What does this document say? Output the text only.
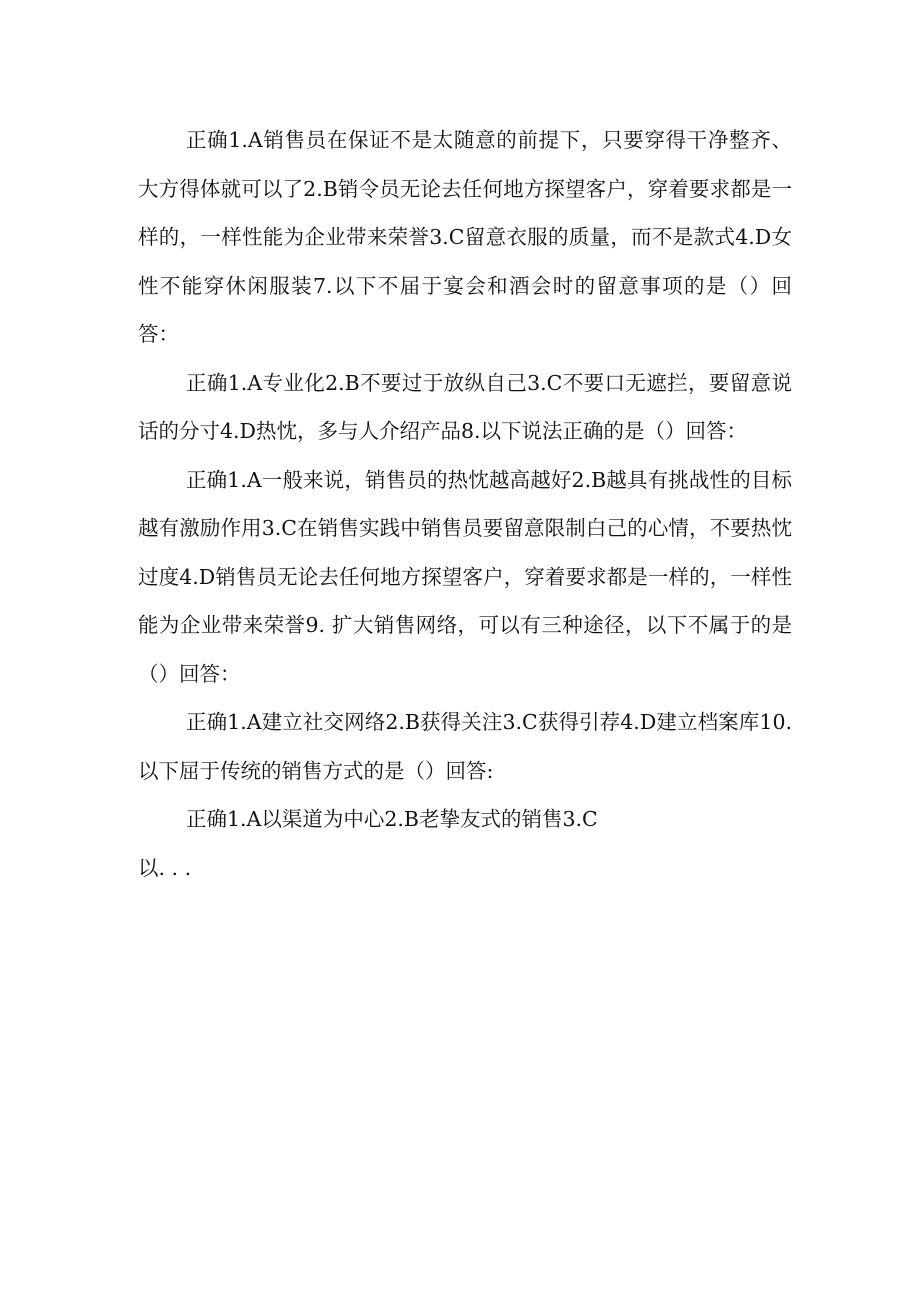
正确1.A销售员在保证不是太随意的前提下，只要穿得干净整齐、大方得体就可以了2.B销令员无论去任何地方探望客户，穿着要求都是一样的，一样性能为企业带来荣誉3.C留意衣服的质量，而不是款式4.D女性不能穿休闲服装7.以下不届于宴会和酒会时的留意事项的是（）回答：

正确1.A专业化2.B不要过于放纵自己3.C不要口无遮拦，要留意说话的分寸4.D热忱，多与人介绍产品8.以下说法正确的是（）回答：

正确1.A一般来说，销售员的热忱越高越好2.B越具有挑战性的目标越有激励作用3.C在销售实践中销售员要留意限制白己的心情，不要热忱过度4.D销售员无论去任何地方探望客户，穿着要求都是一样的，一样性能为企业带来荣誉9. 扩大销售网络，可以有三种途径，以下不属于的是（）回答：

正确1.A建立社交网络2.B获得关注3.C获得引荐4.D建立档案库10.以下屈于传统的销售方式的是（）回答:

正确1.A以渠道为中心2.B老挚友式的销售3.C

以. . .
